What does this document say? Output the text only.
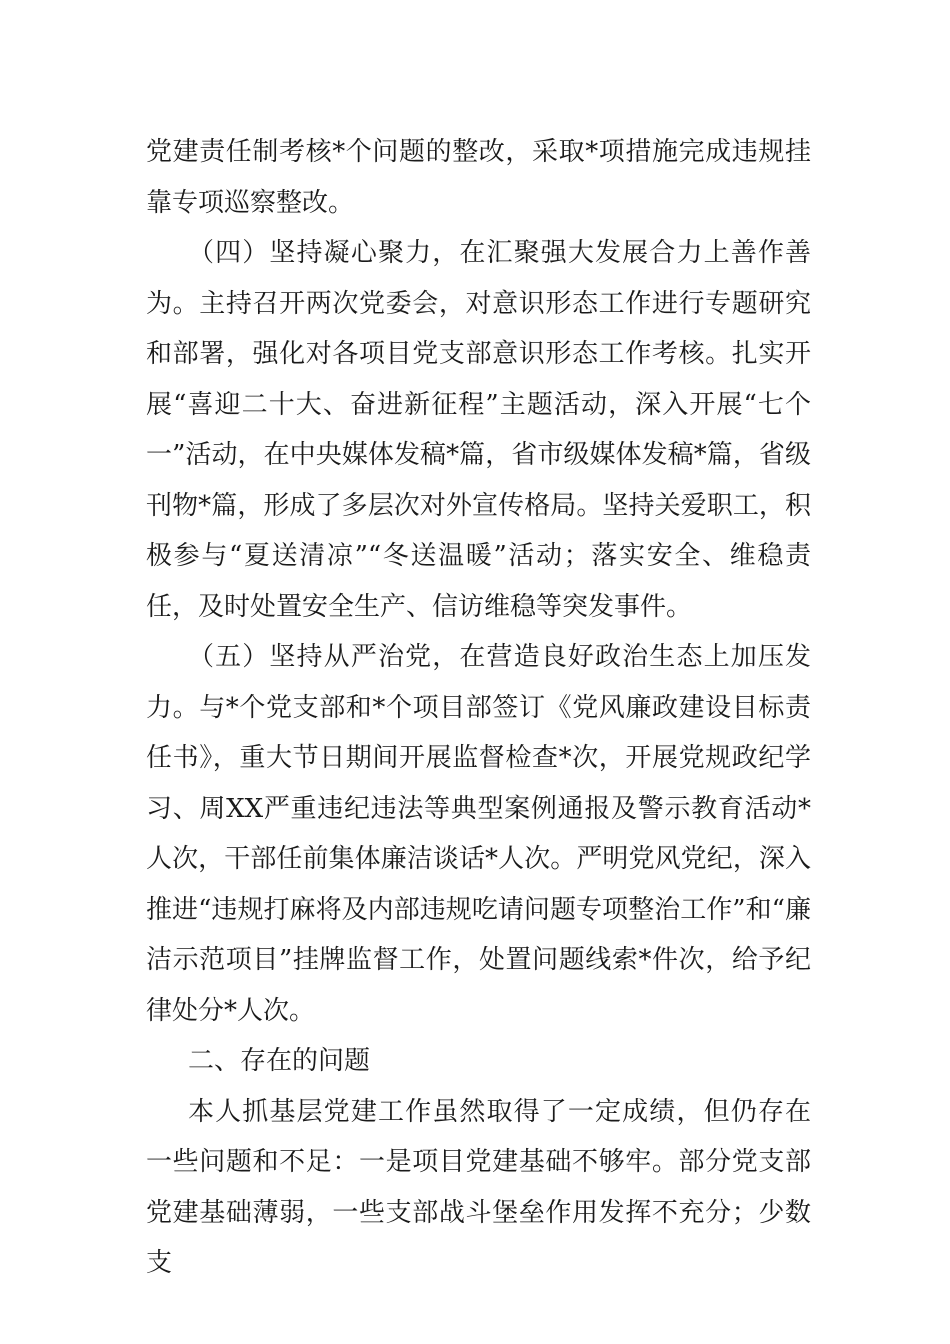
党建责任制考核*个问题的整改，采取*项措施完成违规挂靠专项巡察整改。

（四）坚持凝心聚力，在汇聚强大发展合力上善作善为。主持召开两次党委会，对意识形态工作进行专题研究和部署，强化对各项目党支部意识形态工作考核。扎实开展“喜迎二十大、奋进新征程”主题活动，深入开展“七个一”活动，在中央媒体发稿*篇，省市级媒体发稿*篇，省级刊物*篇，形成了多层次对外宣传格局。坚持关爱职工，积极参与“夏送清凉”“冬送温暖”活动；落实安全、维稳责任，及时处置安全生产、信访维稳等突发事件。

（五）坚持从严治党，在营造良好政治生态上加压发力。与*个党支部和*个项目部签订《党风廉政建设目标责任书》，重大节日期间开展监督检查*次，开展党规政纪学习、周XX严重违纪违法等典型案例通报及警示教育活动*人次，干部任前集体廉洁谈话*人次。严明党风党纪，深入推进“违规打麻将及内部违规吃请问题专项整治工作”和“廉洁示范项目”挂牌监督工作，处置问题线索*件次，给予纪律处分*人次。

二、存在的问题

本人抓基层党建工作虽然取得了一定成绩，但仍存在一些问题和不足：一是项目党建基础不够牢。部分党支部党建基础薄弱，一些支部战斗堡垒作用发挥不充分；少数支
